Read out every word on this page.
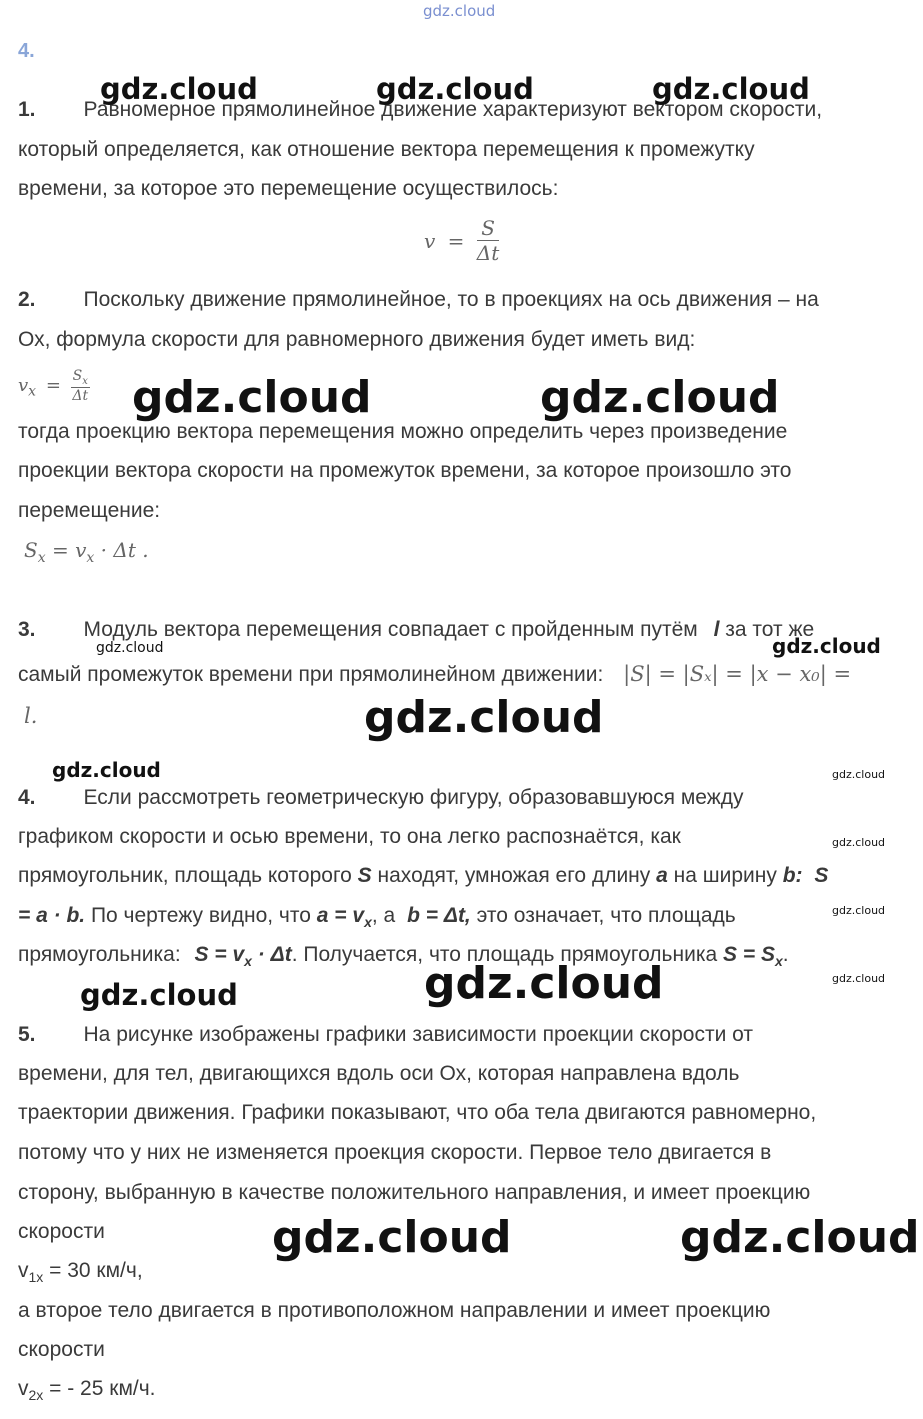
gdz.cloud
4.
1. Равномерное прямолинейное движение характеризуют вектором скорости,
который определяется, как отношение вектора перемещения к промежутку
времени, за которое это перемещение осуществилось:
$v = \frac{S}{\Delta t}$
2. Поскольку движение прямолинейное, то в проекциях на ось движения – на
Ох, формула скорости для равномерного движения будет иметь вид:
$v_x = \frac{S_x}{\Delta t}$
тогда проекцию вектора перемещения можно определить через произведение
проекции вектора скорости на промежуток времени, за которое произошло это
перемещение:
$S_x = v_x \cdot \Delta t$ .
3. Модуль вектора перемещения совпадает с пройденным путём l за тот же
самый промежуток времени при прямолинейном движении: |S| = |Sₓ| = |x − x₀| =
l.
4. Если рассмотреть геометрическую фигуру, образовавшуюся между
графиком скорости и осью времени, то она легко распознаётся, как
прямоугольник, площадь которого S находят, умножая его длину a на ширину b: S
= a · b. По чертежу видно, что $a = v_x$, а b = Δt, это означает, что площадь
прямоугольника: $S = v_x \cdot \Delta t$. Получается, что площадь прямоугольника $S = S_x$.
5. На рисунке изображены графики зависимости проекции скорости от
времени, для тел, двигающихся вдоль оси Ох, которая направлена вдоль
траектории движения. Графики показывают, что оба тела двигаются равномерно,
потому что у них не изменяется проекция скорости. Первое тело двигается в
сторону, выбранную в качестве положительного направления, и имеет проекцию
скорости
$v_{1x} = 30$ км/ч,
а второе тело двигается в противоположном направлении и имеет проекцию
скорости
$v_{2x}$ = - 25 км/ч.
gdz.cloud	gdz.cloud	gdz.cloud
gdz.cloud	gdz.cloud
gdz.cloud	gdz.cloud
gdz.cloud
gdz.cloud	gdz.cloud
gdz.cloud
gdz.cloud
gdz.cloud
gdz.cloud	gdz.cloud
gdz.cloud	gdz.cloud
